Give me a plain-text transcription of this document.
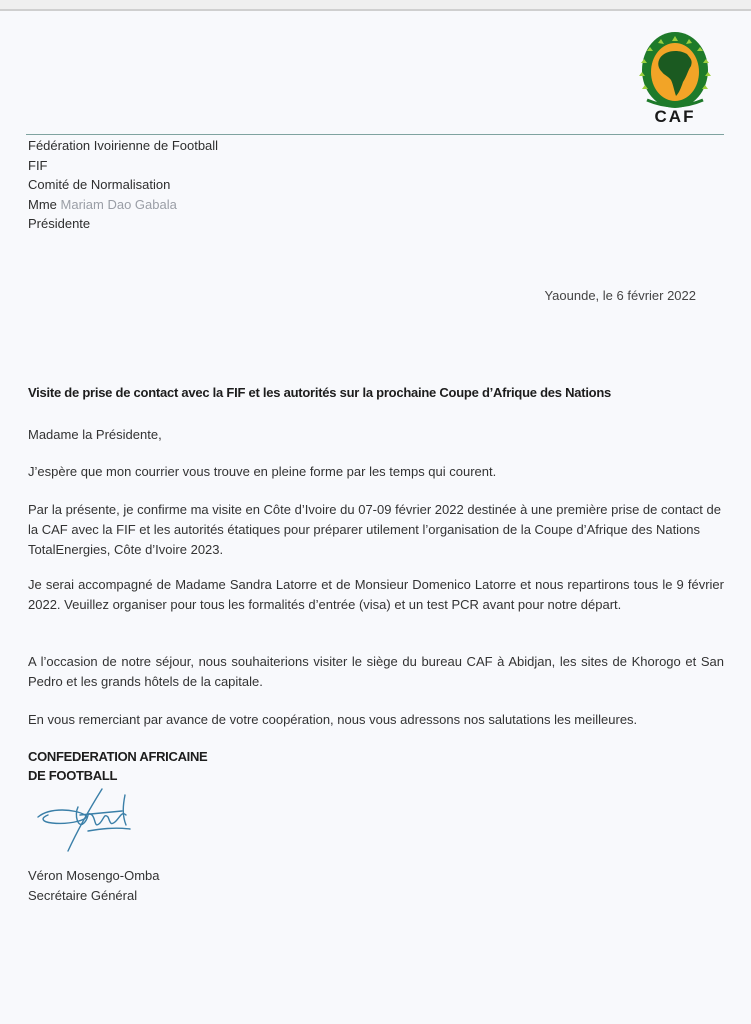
CAF
Fédération Ivoirienne de Football
FIF
Comité de Normalisation
Mme Mariam Dao Gabala
Présidente
Yaounde, le 6 février 2022
Visite de prise de contact avec la FIF et les autorités sur la prochaine Coupe d’Afrique des Nations
Madame la Présidente,
J’espère que mon courrier vous trouve en pleine forme par les temps qui courent.
Par la présente, je confirme ma visite en Côte d’Ivoire du 07-09 février 2022 destinée à une première prise de contact de la CAF avec la FIF et les autorités étatiques pour préparer utilement l’organisation de la Coupe d’Afrique des Nations TotalEnergies, Côte d’Ivoire 2023.
Je serai accompagné de Madame Sandra Latorre et de Monsieur Domenico Latorre et nous repartirons tous le 9 février 2022. Veuillez organiser pour tous les formalités d’entrée (visa) et un test PCR avant pour notre départ.
A l’occasion de notre séjour, nous souhaiterions visiter le siège du bureau CAF à Abidjan, les sites de Khorogo et San Pedro et les grands hôtels de la capitale.
En vous remerciant par avance de votre coopération, nous vous adressons nos salutations les meilleures.
CONFEDERATION AFRICAINE
DE FOOTBALL
Véron Mosengo-Omba
Secrétaire Général
